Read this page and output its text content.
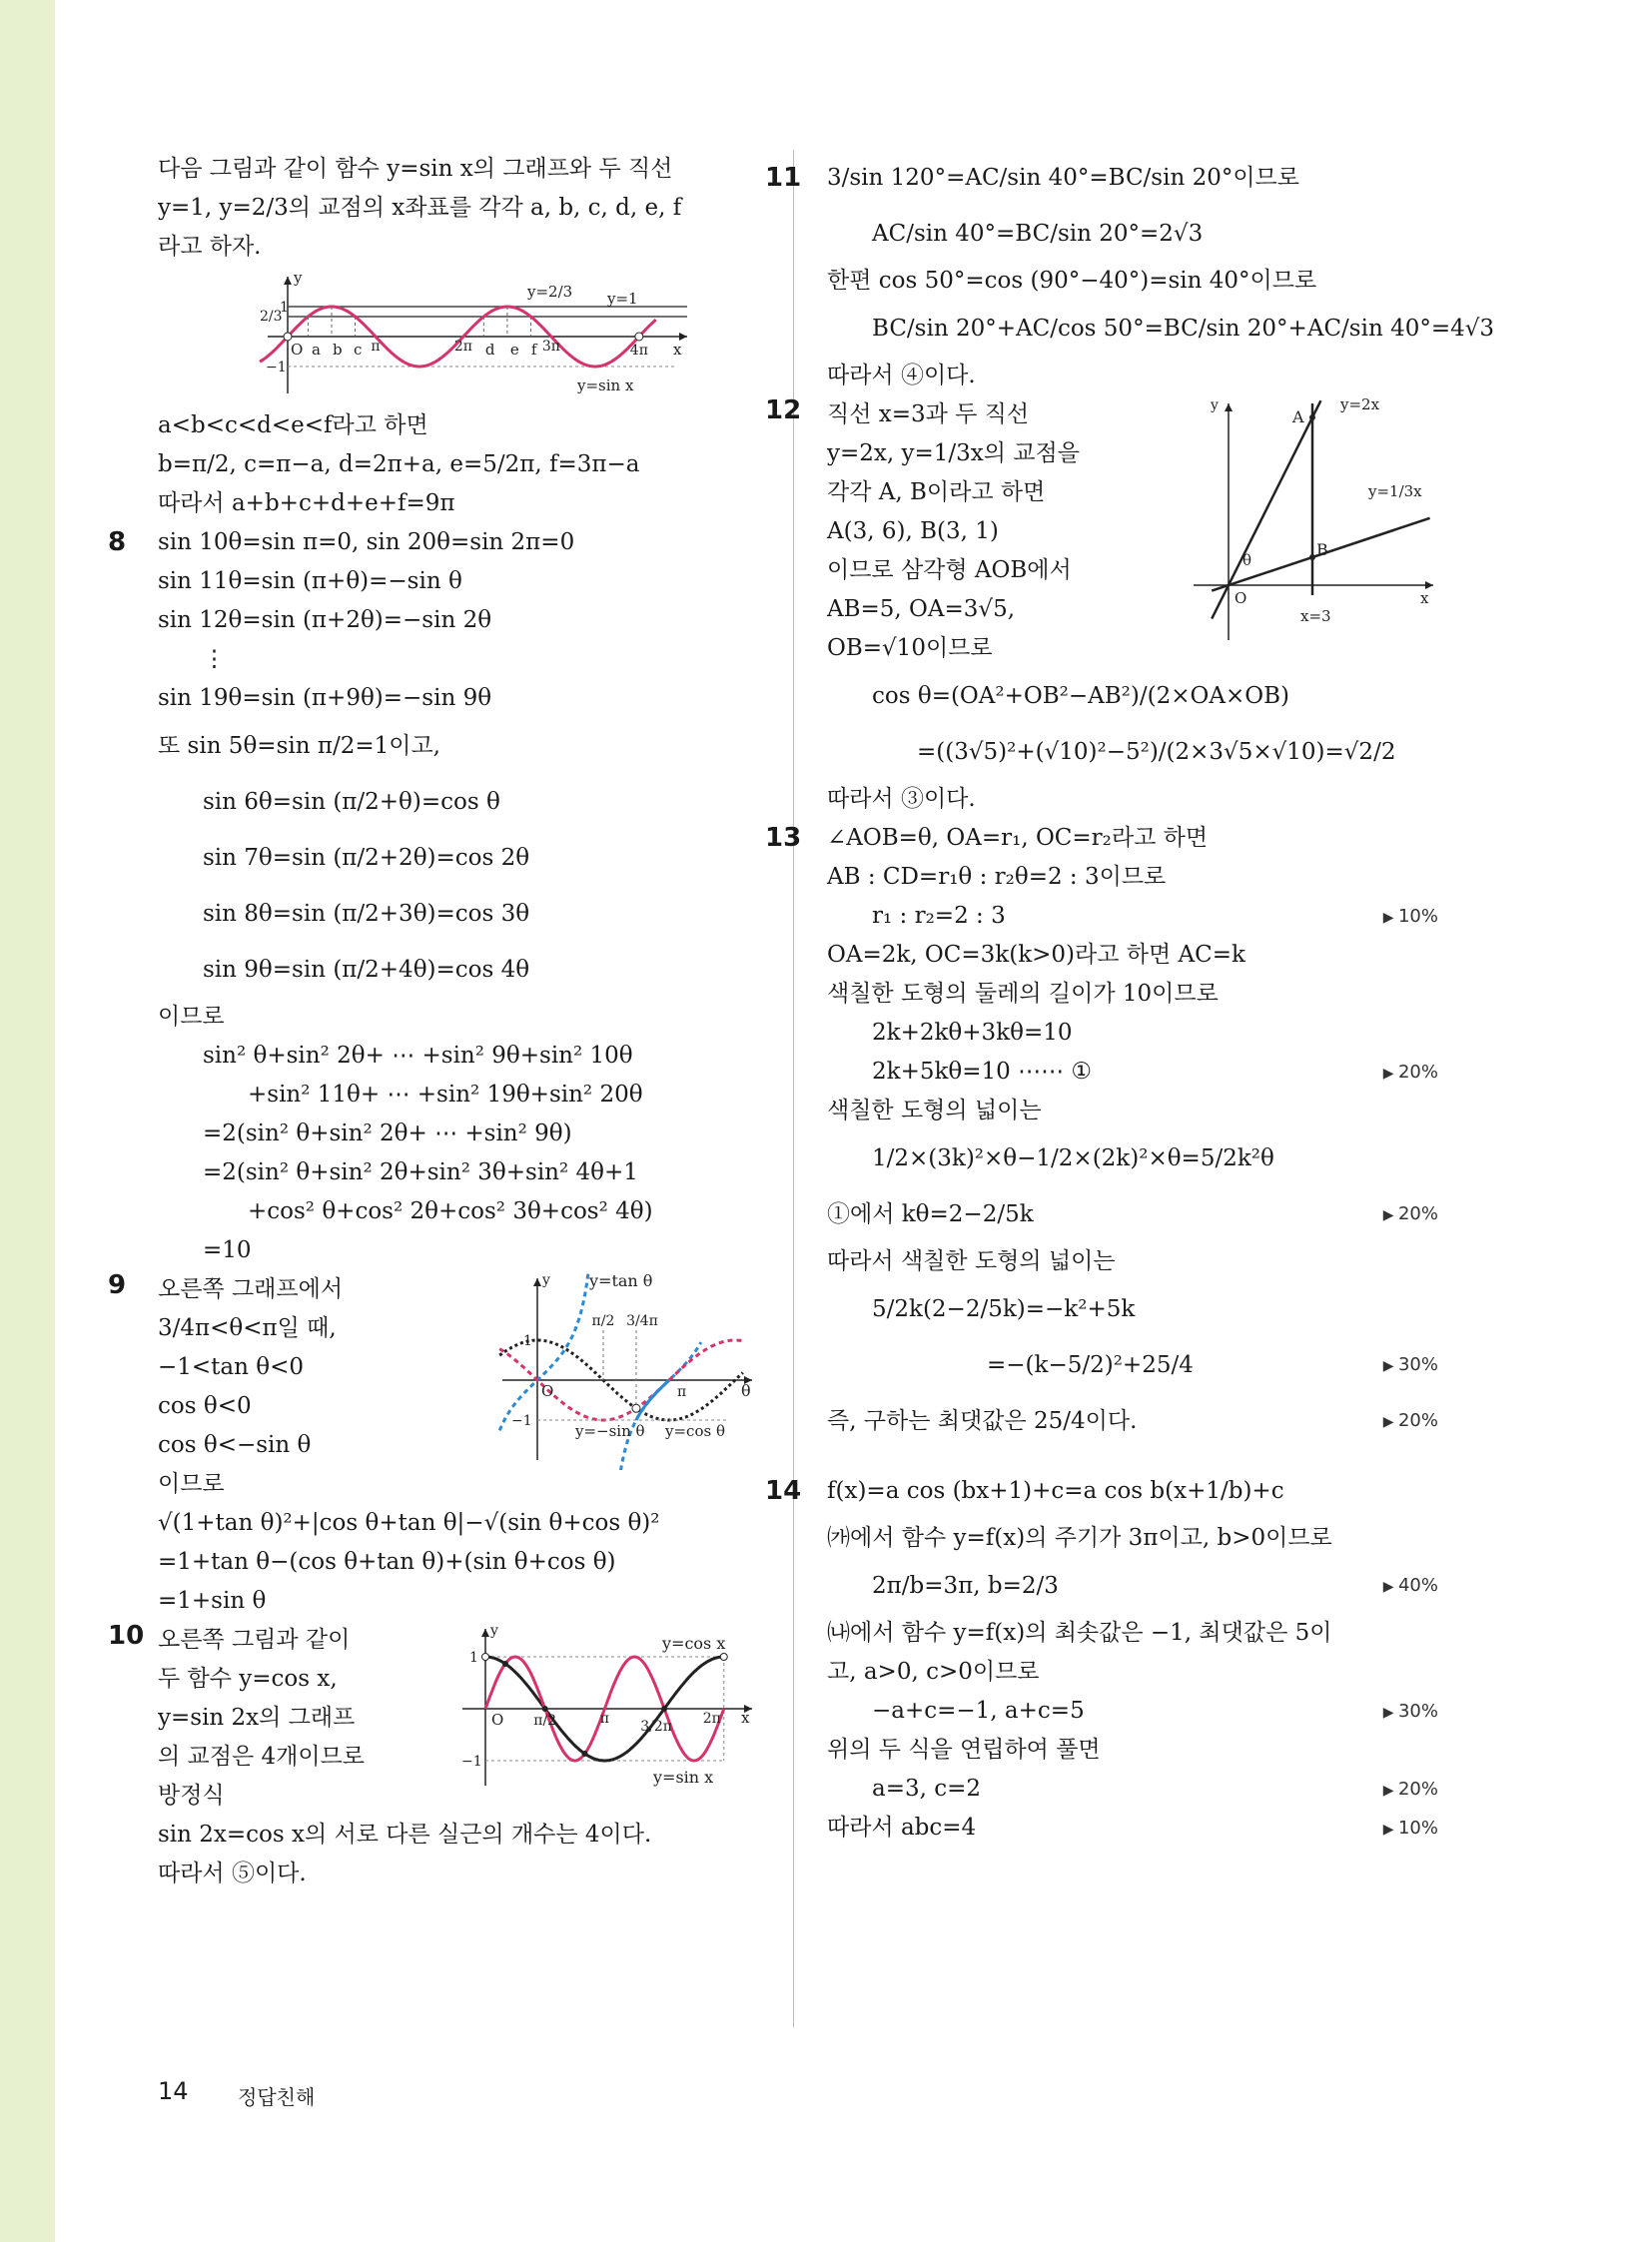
다음 그림과 같이 함수 y=sin x의 그래프와 두 직선
y=1, y=2/3의 교점의 x좌표를 각각 a, b, c, d, e, f
라고 하자.
y
2/3
1
y=2/3 y=1
O a b c π	2π d e f 3π	4π x
−1
y=sin x
a<b<c<d<e<f라고 하면
b=π/2, c=π−a, d=2π+a, e=5/2π, f=3π−a
따라서 a+b+c+d+e+f=9π
8 sin 10θ=sin π=0, sin 20θ=sin 2π=0
sin 11θ=sin (π+θ)=−sin θ
sin 12θ=sin (π+2θ)=−sin 2θ
⋮
sin 19θ=sin (π+9θ)=−sin 9θ
또 sin 5θ=sin π/2=1이고,
sin 6θ=sin (π/2+θ)=cos θ
sin 7θ=sin (π/2+2θ)=cos 2θ
sin 8θ=sin (π/2+3θ)=cos 3θ
sin 9θ=sin (π/2+4θ)=cos 4θ
이므로
sin² θ+sin² 2θ+ ⋯ +sin² 9θ+sin² 10θ
+sin² 11θ+ ⋯ +sin² 19θ+sin² 20θ
=2(sin² θ+sin² 2θ+ ⋯ +sin² 9θ)
=2(sin² θ+sin² 2θ+sin² 3θ+sin² 4θ+1
+cos² θ+cos² 2θ+cos² 3θ+cos² 4θ)
=10
9 오른쪽 그래프에서
3/4π<θ<π일 때,
−1<tan θ<0
cos θ<0
cos θ<−sin θ
이므로
y y=tan θ
1
π/2 3/4π
O	π	θ
−1
y=−sin θ y=cos θ
√(1+tan θ)²+|cos θ+tan θ|−√(sin θ+cos θ)²
=1+tan θ−(cos θ+tan θ)+(sin θ+cos θ)
=1+sin θ
10 오른쪽 그림과 같이
두 함수 y=cos x,
y=sin 2x의 그래프
의 교점은 4개이므로
방정식
y
1
y=cos x
O π/2	π 3/2π 2π x
−1
y=sin x
sin 2x=cos x의 서로 다른 실근의 개수는 4이다.
따라서 ⑤이다.
11 3/sin 120°=AC/sin 40°=BC/sin 20°이므로
AC/sin 40°=BC/sin 20°=2√3
한편 cos 50°=cos (90°−40°)=sin 40°이므로
BC/sin 20°+AC/cos 50°=BC/sin 20°+AC/sin 40°=4√3
따라서 ④이다.
12 직선 x=3과 두 직선
y=2x, y=1/3x의 교점을
각각 A, B이라고 하면
A(3, 6), B(3, 1)
이므로 삼각형 AOB에서
AB=5, OA=3√5,
OB=√10이므로
y	y=2x
A
y=1/3x
θ
B
O
x=3
x
cos θ=(OA²+OB²−AB²)/(2×OA×OB)
=((3√5)²+(√10)²−5²)/(2×3√5×√10)=√2/2
따라서 ③이다.
13 ∠AOB=θ, OA=r₁, OC=r₂라고 하면
AB : CD=r₁θ : r₂θ=2 : 3이므로
r₁ : r₂=2 : 3	▶ 10%
OA=2k, OC=3k(k>0)라고 하면 AC=k
색칠한 도형의 둘레의 길이가 10이므로
2k+2kθ+3kθ=10
2k+5kθ=10 ⋯⋯ ①	▶ 20%
색칠한 도형의 넓이는
1/2×(3k)²×θ−1/2×(2k)²×θ=5/2k²θ
①에서 kθ=2−2/5k	▶ 20%
따라서 색칠한 도형의 넓이는
5/2k(2−2/5k)=−k²+5k
=−(k−5/2)²+25/4	▶ 30%
즉, 구하는 최댓값은 25/4이다.	▶ 20%
14 f(x)=a cos (bx+1)+c=a cos b(x+1/b)+c
㈎에서 함수 y=f(x)의 주기가 3π이고, b>0이므로
2π/b=3π, b=2/3	▶ 40%
㈏에서 함수 y=f(x)의 최솟값은 −1, 최댓값은 5이
고, a>0, c>0이므로
−a+c=−1, a+c=5	▶ 30%
위의 두 식을 연립하여 풀면
a=3, c=2	▶ 20%
따라서 abc=4	▶ 10%
14 정답친해
